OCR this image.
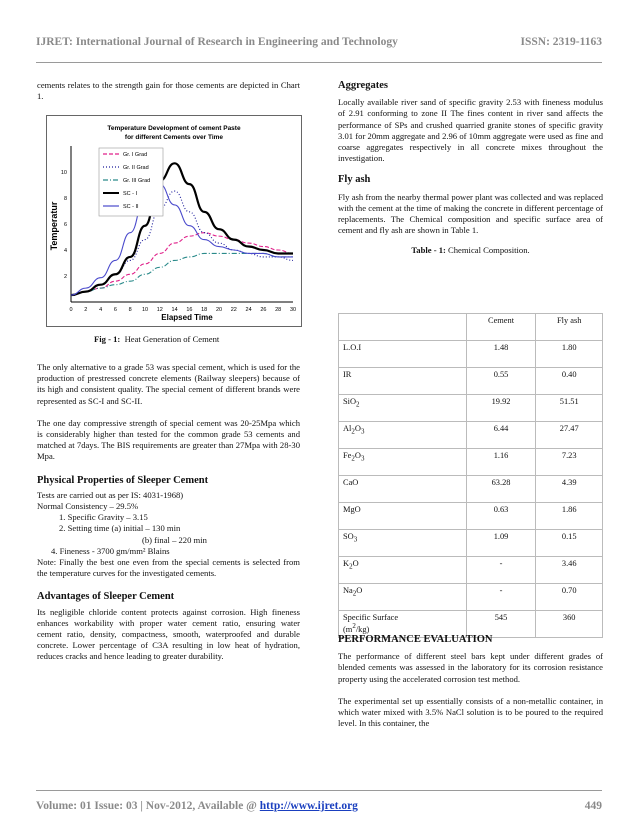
IJRET: International Journal of Research in Engineering and Technology	ISSN: 2319-1163

cements relates to the strength gain for those cements are depicted in Chart 1.

Temperature Development of cement Paste
for different Cements over Time
Temperatur
Elapsed Time
0 2 4 6 8 10 12 14 16 18 20 22 24 26 28 30
2
4
6
8
10
Gr. I Grad
Gr. II Grad
Gr. III Grad
SC - I
SC - II
Fig - 1: Heat Generation of Cement

The only alternative to a grade 53 was special cement, which is used for the production of prestressed concrete elements (Railway sleepers) because of its high and consistent quality. The special cement of different brands were represented as SC-I and SC-II.

The one day compressive strength of special cement was 20-25Mpa which is considerably higher than tested for the common grade 53 cements and matched at 7days. The BIS requirements are greater than 27Mpa with 28-30 Mpa.

Physical Properties of Sleeper Cement

Tests are carried out as per IS: 4031-1968)

Normal Consistency – 29.5%

1. Specific Gravity – 3.15

2. Setting time (a) initial – 130 min

(b) final – 220 min

4. Fineness - 3700 gm/mm² Blains

Note: Finally the best one even from the special cements is selected from the temperature curves for the investigated cements.

Advantages of Sleeper Cement

Its negligible chloride content protects against corrosion. High fineness enhances workability with proper water cement ratio, ensuring water cement ratio, density, compactness, smooth, waterproofed and durable concrete. Lower percentage of C3A resulting in low heat of hydration, reduces cracks and hence leading to greater durability.

Aggregates

Locally available river sand of specific gravity 2.53 with fineness modulus of 2.91 conforming to zone II The fines content in river sand affects the performance of SPs and crushed quarried granite stones of specific gravity 3.01 for 20mm aggregate and 2.96 of 10mm aggregate were used as fine and coarse aggregates respectively in all concrete mixes throughout the investigation.

Fly ash

Fly ash from the nearby thermal power plant was collected and was replaced with the cement at the time of making the concrete in different percentage of replacements. The Chemical composition and specific surface area of cement and fly ash are shown in Table 1.

Table - 1: Chemical Composition.

	Cement	Fly ash
L.O.I	1.48	1.80
IR	0.55	0.40
SiO$_2$	19.92	51.51
$Al_2O_3$	6.44	27.47
$Fe_2O_3$	1.16	7.23
CaO	63.28	4.39
MgO	0.63	1.86
$SO_3$	1.09	0.15
$K_2O$	-	3.46
$Na_2O$	-	0.70
Specific Surface
$(m^2/kg)$	545	360
PERFORMANCE EVALUATION

The performance of different steel bars kept under different grades of blended cements was assessed in the laboratory for its corrosion resistance property using the accelerated corrosion test method.

The experimental set up essentially consists of a non-metallic container, in which water mixed with 3.5% NaCl solution is to be poured to the required level. In this container, the

Volume: 01 Issue: 03 | Nov-2012, Available @ http://www.ijret.org	449
